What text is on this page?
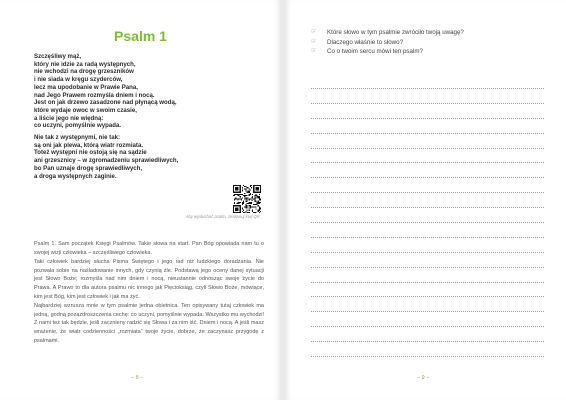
Psalm 1
Szczęśliwy mąż,
który nie idzie za radą występnych,
nie wchodzi na drogę grzeszników
i nie siada w kręgu szyderców,
lecz ma upodobanie w Prawie Pana,
nad Jego Prawem rozmyśla dniem i nocą.
Jest on jak drzewo zasadzone nad płynącą wodą,
które wydaje owoc w swoim czasie,
a liście jego nie więdną:
co uczyni, pomyślnie wypada.
Nie tak z występnymi, nie tak:
są oni jak plewa, którą wiatr rozmiata.
Toteż występni nie ostoją się na sądzie
ani grzesznicy – w zgromadzeniu sprawiedliwych,
bo Pan uznaje drogę sprawiedliwych,
a droga występnych zaginie.
Aby wysłuchać psalm, zeskanuj kod QR.

Psalm 1. Sam początek Księgi Psalmów. Takie słowa na start. Pan Bóg opowiada nam tu o swojej wizji człowieka – szczęśliwego człowieka.

Taki człowiek bardziej słucha Pisma Świętego i jego rad niż ludzkiego doradzania. Nie pozwala sobie na naśladowanie innych, gdy czynią źle. Podstawą jego oceny danej sytuacji jest Słowo Boże; rozmyśla nad nim dniem i nocą, nieustannie odnosząc swoje życie do Prawa. A Prawo to dla autora psalmu nic innego jak Pięcioksiąg, czyli Słowo Boże, mówiące, kim jest Bóg, kim jest człowiek i jak ma żyć.

Najbardziej wzrusza mnie w tym psalmie jedna obietnica. Ten opisywany tutaj człowiek ma jedną, godną pozazdroszczenia cechę: co uczyni, pomyślnie wypada. Wszystko mu wychodzi! Z nami też tak będzie, jeśli zacznieny radzić się Słowa i za nim iść. Dniem i nocą. A jeśli masz wrażenie, że wiatr codzienności „rozmiata” twoje życie, dobrze, że zaczynasz przygodę z psalmami.

– 8 –
☞	Które słowo w tym psalmie zwróciło twoją uwagę?
☞	Dlaczego właśnie to słowo?
☞	Co o twoim sercu mówi ten psalm?
– 9 –
